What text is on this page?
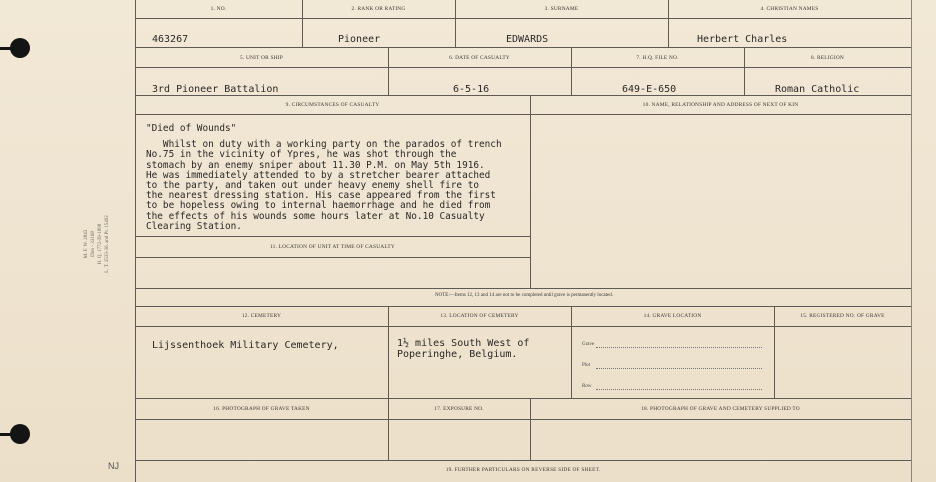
M. F. W. 2843 Dies - 33168 H. Q. 1772-39-1898 L. T. 2533-36. and Pr. 15492
NJ
1. NO.	2. RANK OR RATING	3. SURNAME	4. CHRISTIAN NAMES
463267	Pioneer	EDWARDS	Herbert Charles
5. UNIT OR SHIP	6. DATE OF CASUALTY	7. H.Q. FILE NO.	8. RELIGION
3rd Pioneer Battalion	6-5-16	649-E-650	Roman Catholic
9. CIRCUMSTANCES OF CASUALTY	10. NAME, RELATIONSHIP AND ADDRESS OF NEXT OF KIN

"Died of Wounds"

Whilst on duty with a working party on the parados of trench

No.75 in the vicinity of Ypres, he was shot through the

stomach by an enemy sniper about 11.30 P.M. on May 5th 1916.

He was immediately attended to by a stretcher bearer attached

to the party, and taken out under heavy enemy shell fire to

the nearest dressing station. His case appeared from the first

to be hopeless owing to internal haemorrhage and he died from

the effects of his wounds some hours later at No.10 Casualty

Clearing Station.

11. LOCATION OF UNIT AT TIME OF CASUALTY
NOTE:—Items 12, 13 and 14 are not to be completed until grave is permanently located.
12. CEMETERY	13. LOCATION OF CEMETERY	14. GRAVE LOCATION	15. REGISTERED NO. OF GRAVE
Lijssenthoek Military Cemetery,	1½ miles South West of
Poperinghe, Belgium.
Grave
Plot
Row
16. PHOTOGRAPH OF GRAVE TAKEN	17. EXPOSURE NO.	18. PHOTOGRAPH OF GRAVE AND CEMETERY SUPPLIED TO
19. FURTHER PARTICULARS ON REVERSE SIDE OF SHEET.
